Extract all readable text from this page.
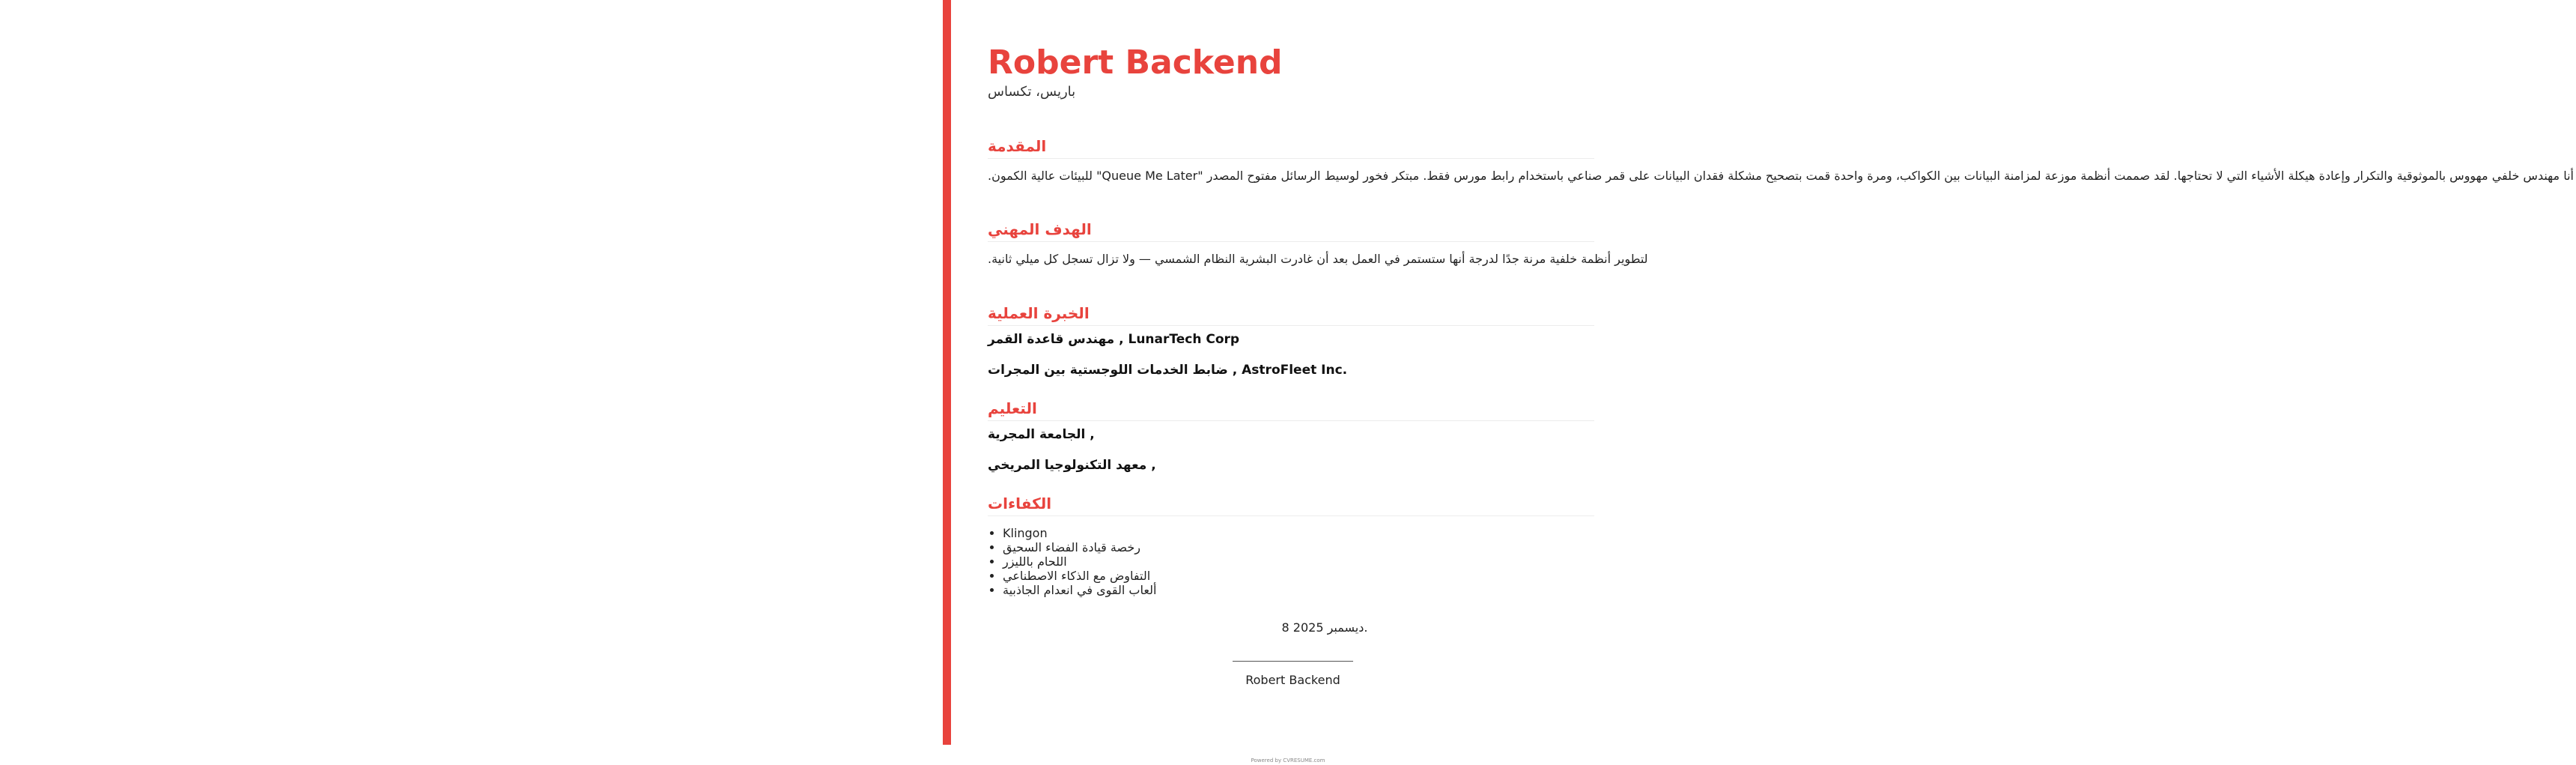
Robert Backend
باريس، تكساس
المقدمة
أنا مهندس خلفي مهووس بالموثوقية والتكرار وإعادة هيكلة الأشياء التي لا تحتاجها. لقد صممت أنظمة موزعة لمزامنة البيانات بين الكواكب، ومرة واحدة قمت بتصحيح مشكلة فقدان البيانات على قمر صناعي باستخدام رابط مورس فقط. مبتكر فخور لوسيط الرسائل مفتوح المصدر "Queue Me Later" للبيئات عالية الكمون.
الهدف المهني
لتطوير أنظمة خلفية مرنة جدًا لدرجة أنها ستستمر في العمل بعد أن غادرت البشرية النظام الشمسي — ولا تزال تسجل كل ميلي ثانية.
الخبرة العملية
مهندس قاعدة القمر , LunarTech Corp
ضابط الخدمات اللوجستية بين المجرات , AstroFleet Inc.
التعليم
الجامعة المجرية ,
معهد التكنولوجيا المريخي ,
الكفاءات
• Klingon
• رخصة قيادة الفضاء السحيق
• اللحام بالليزر
• التفاوض مع الذكاء الاصطناعي
• ألعاب القوى في انعدام الجاذبية
8 ديسمبر 2025.
Robert Backend
Powered by CVRESUME.com
